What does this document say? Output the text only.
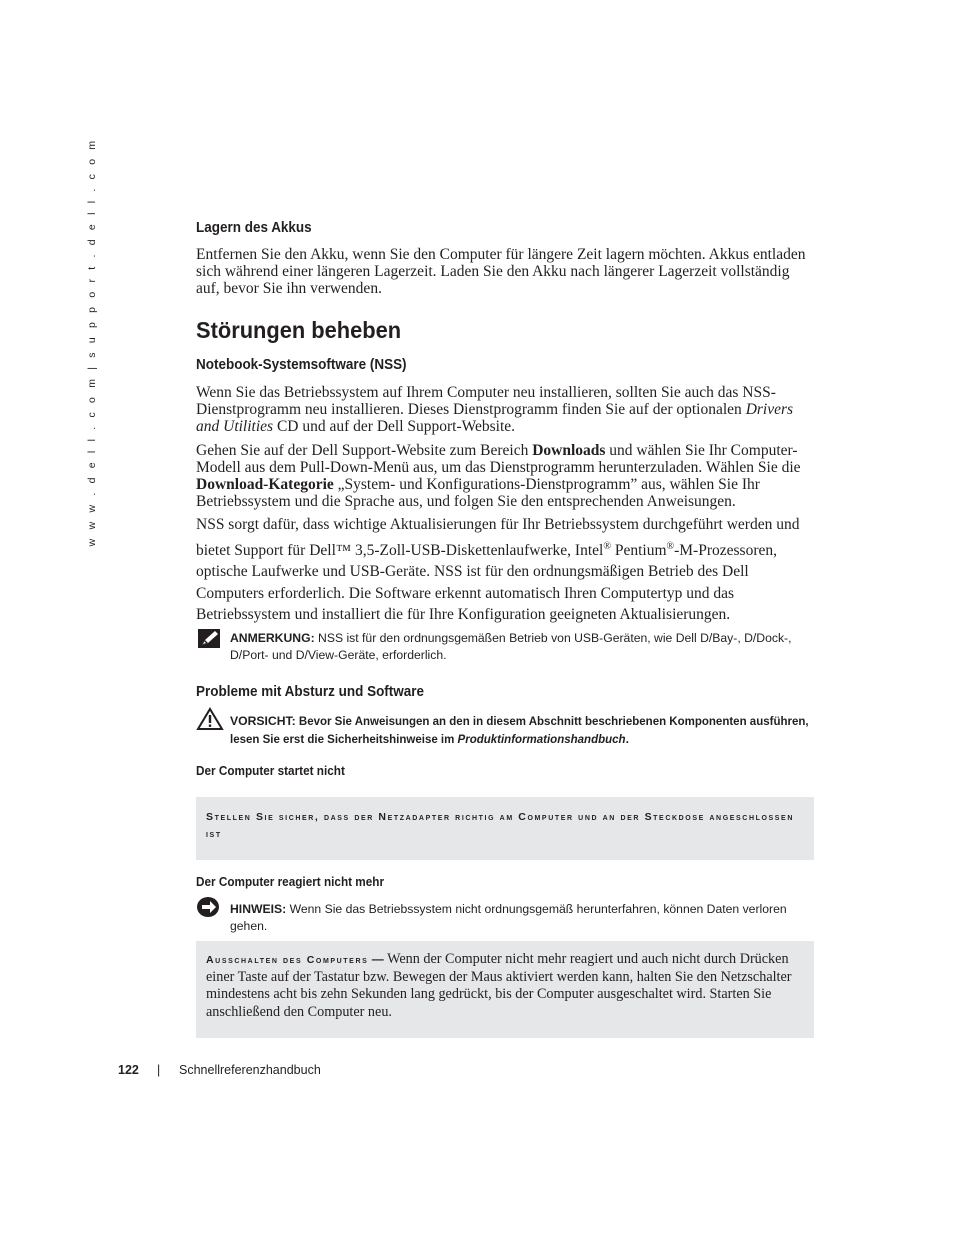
w w w . d e l l . c o m | s u p p o r t . d e l l . c o m	Lagern des Akkus

Entfernen Sie den Akku, wenn Sie den Computer für längere Zeit lagern möchten. Akkus entladen sich während einer längeren Lagerzeit. Laden Sie den Akku nach längerer Lagerzeit vollständig auf, bevor Sie ihn verwenden.

Störungen beheben
Notebook-Systemsoftware (NSS)

Wenn Sie das Betriebssystem auf Ihrem Computer neu installieren, sollten Sie auch das NSS-Dienstprogramm neu installieren. Dieses Dienstprogramm finden Sie auf der optionalen Drivers and Utilities CD und auf der Dell Support-Website.

Gehen Sie auf der Dell Support-Website zum Bereich Downloads und wählen Sie Ihr Computer-Modell aus dem Pull-Down-Menü aus, um das Dienstprogramm herunterzuladen. Wählen Sie die Download-Kategorie „System- und Konfigurations-Dienstprogramm” aus, wählen Sie Ihr Betriebssystem und die Sprache aus, und folgen Sie den entsprechenden Anweisungen.

NSS sorgt dafür, dass wichtige Aktualisierungen für Ihr Betriebssystem durchgeführt werden und bietet Support für Dell™ 3,5-Zoll-USB-Diskettenlaufwerke, Intel® Pentium®-M-Prozessoren, optische Laufwerke und USB-Geräte. NSS ist für den ordnungsmäßigen Betrieb des Dell Computers erforderlich. Die Software erkennt automatisch Ihren Computertyp und das Betriebssystem und installiert die für Ihre Konfiguration geeigneten Aktualisierungen.

ANMERKUNG: NSS ist für den ordnungsgemäßen Betrieb von USB-Geräten, wie Dell D/Bay-, D/Dock-, D/Port- und D/View-Geräte, erforderlich.
Probleme mit Absturz und Software
VORSICHT: Bevor Sie Anweisungen an den in diesem Abschnitt beschriebenen Komponenten ausführen, lesen Sie erst die Sicherheitshinweise im Produktinformationshandbuch.
Der Computer startet nicht
Stellen Sie sicher, dass der Netzadapter richtig am Computer und an der Steckdose angeschlossen ist
Der Computer reagiert nicht mehr
HINWEIS: Wenn Sie das Betriebssystem nicht ordnungsgemäß herunterfahren, können Daten verloren gehen.
Ausschalten des Computers — Wenn der Computer nicht mehr reagiert und auch nicht durch Drücken einer Taste auf der Tastatur bzw. Bewegen der Maus aktiviert werden kann, halten Sie den Netzschalter mindestens acht bis zehn Sekunden lang gedrückt, bis der Computer ausgeschaltet wird. Starten Sie anschließend den Computer neu.
122 | Schnellreferenzhandbuch
